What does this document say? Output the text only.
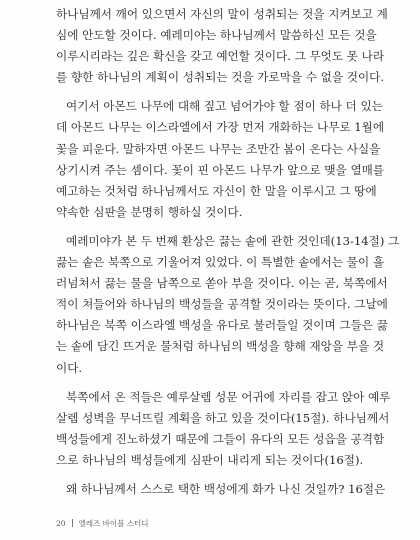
하나님께서 깨어 있으면서 자신의 말이 성취되는 것을 지켜보고 계
심에 안도할 것이다. 예레미야는 하나님께서 말씀하신 모든 것을
이루시리라는 깊은 확신을 갖고 예언할 것이다. 그 무엇도 못 나라
를 향한 하나님의 계획이 성취되는 것을 가로막을 수 없을 것이다.
여기서 아몬드 나무에 대해 짚고 넘어가야 할 점이 하나 더 있는
데 아몬드 나무는 이스라엘에서 가장 먼저 개화하는 나무로 1월에
꽃을 피운다. 말하자면 아몬드 나무는 조만간 봄이 온다는 사실을
상기시켜 주는 셈이다. 꽃이 핀 아몬드 나무가 앞으로 맺을 열매를
예고하는 것처럼 하나님께서도 자신이 한 말을 이루시고 그 땅에
약속한 심판을 분명히 행하실 것이다.
예레미야가 본 두 번째 환상은 끓는 솥에 관한 것인데(13-14절) 그
끓는 솥은 북쪽으로 기울어져 있었다. 이 특별한 솥에서는 물이 흘
러넘쳐서 끓는 물을 남쪽으로 쏟아 부을 것이다. 이는 곧, 북쪽에서
적이 쳐들어와 하나님의 백성들을 공격할 것이라는 뜻이다. 그날에
하나님은 북쪽 이스라엘 백성을 유다로 불러들일 것이며 그들은 끓
는 솥에 담긴 뜨거운 물처럼 하나님의 백성을 향해 재앙을 부을 것
이다.
북쪽에서 온 적들은 예루살렘 성문 어귀에 자리를 잡고 앉아 예루
살렘 성벽을 무너뜨릴 계획을 하고 있을 것이다(15절). 하나님께서
백성들에게 진노하셨기 때문에 그들이 유다의 모든 성읍을 공격함
으로 하나님의 백성들에게 심판이 내리게 되는 것이다(16절).
왜 하나님께서 스스로 택한 백성에게 화가 나신 것일까? 16절은
20 엘레즈 바이블 스터디
